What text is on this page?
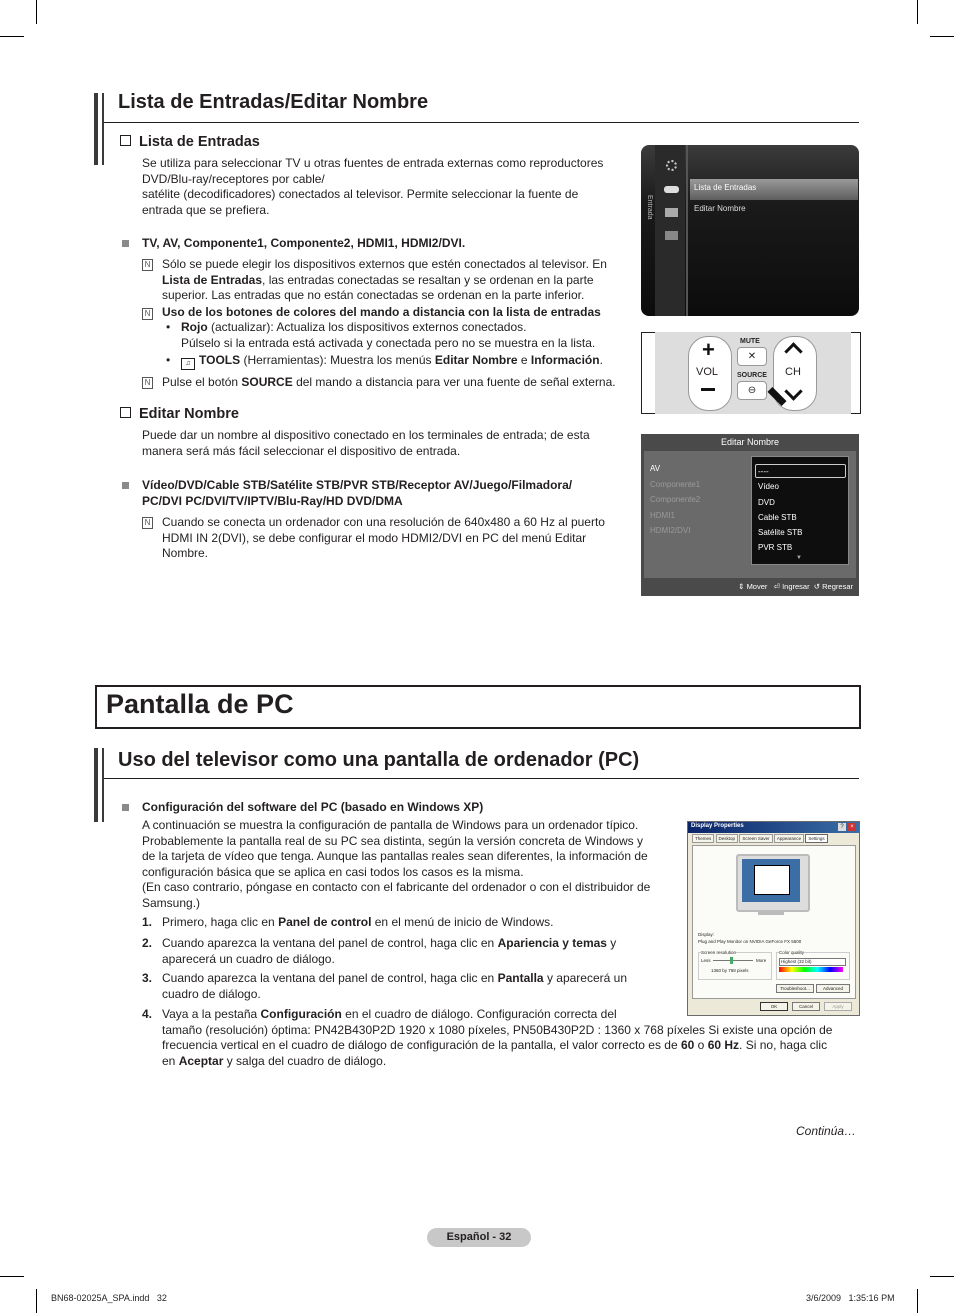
Lista de Entradas/Editar Nombre
Lista de Entradas
Se utiliza para seleccionar TV u otras fuentes de entrada externas como reproductores
DVD/Blu-ray/receptores por cable/
satélite (decodificadores) conectados al televisor. Permite seleccionar la fuente de
entrada que se prefiera.
TV, AV, Componente1, Componente2, HDMI1, HDMI2/DVI.
N Sólo se puede elegir los dispositivos externos que estén conectados al televisor. En
Lista de Entradas, las entradas conectadas se resaltan y se ordenan en la parte
superior. Las entradas que no están conectadas se ordenan en la parte inferior.
N Uso de los botones de colores del mando a distancia con la lista de entradas
• Rojo (actualizar): Actualiza los dispositivos externos conectados.
Púlselo si la entrada está activada y conectada pero no se muestra en la lista.
•	♫ TOOLS (Herramientas): Muestra los menús Editar Nombre e Información.
N Pulse el botón SOURCE del mando a distancia para ver una fuente de señal externa.
Editar Nombre
Puede dar un nombre al dispositivo conectado en los terminales de entrada; de esta
manera será más fácil seleccionar el dispositivo de entrada.
Vídeo/DVD/Cable STB/Satélite STB/PVR STB/Receptor AV/Juego/Filmadora/
PC/DVI PC/DVI/TV/IPTV/Blu-Ray/HD DVD/DMA
N Cuando se conecta un ordenador con una resolución de 640x480 a 60 Hz al puerto
HDMI IN 2(DVI), se debe configurar el modo HDMI2/DVI en PC del menú Editar
Nombre.
Entrada
Lista de Entradas
Editar Nombre
+
VOL
MUTE
✕
SOURCE
⊖
CH
Editar Nombre
AV
Componente1
Componente2
HDMI1
HDMI2/DVI
----
Vídeo
DVD
Cable STB
Satélite STB
PVR STB
▼
⇕ Mover ⏎ Ingresar ↺ Regresar
Pantalla de PC
Uso del televisor como una pantalla de ordenador (PC)
Configuración del software del PC (basado en Windows XP)
A continuación se muestra la configuración de pantalla de Windows para un ordenador típico.
Probablemente la pantalla real de su PC sea distinta, según la versión concreta de Windows y
de la tarjeta de vídeo que tenga. Aunque las pantallas reales sean diferentes, la información de
configuración básica que se aplica en casi todos los casos es la misma.
(En caso contrario, póngase en contacto con el fabricante del ordenador o con el distribuidor de
Samsung.)
1. Primero, haga clic en Panel de control en el menú de inicio de Windows.
2. Cuando aparezca la ventana del panel de control, haga clic en Apariencia y temas y
aparecerá un cuadro de diálogo.
3. Cuando aparezca la ventana del panel de control, haga clic en Pantalla y aparecerá un
cuadro de diálogo.
4. Vaya a la pestaña Configuración en el cuadro de diálogo. Configuración correcta del
tamaño (resolución) óptima: PN42B430P2D 1920 x 1080 píxeles, PN50B430P2D : 1360 x 768 píxeles Si existe una opción de
frecuencia vertical en el cuadro de diálogo de configuración de la pantalla, el valor correcto es de 60 o 60 Hz. Si no, haga clic
en Aceptar y salga del cuadro de diálogo.
Display Properties	?	×
Themes Desktop Screen Saver Appearance Settings
Display:
Plug and Play Monitor on NVIDIA GeForce FX 5600
Screen resolution
Less	More
1360 by 768 pixels
Color quality
Highest (32 bit)
Troubleshoot...	Advanced
OK	Cancel	Apply
Continúa…
Español - 32
BN68-02025A_SPA.indd   32	3/6/2009   1:35:16 PM
